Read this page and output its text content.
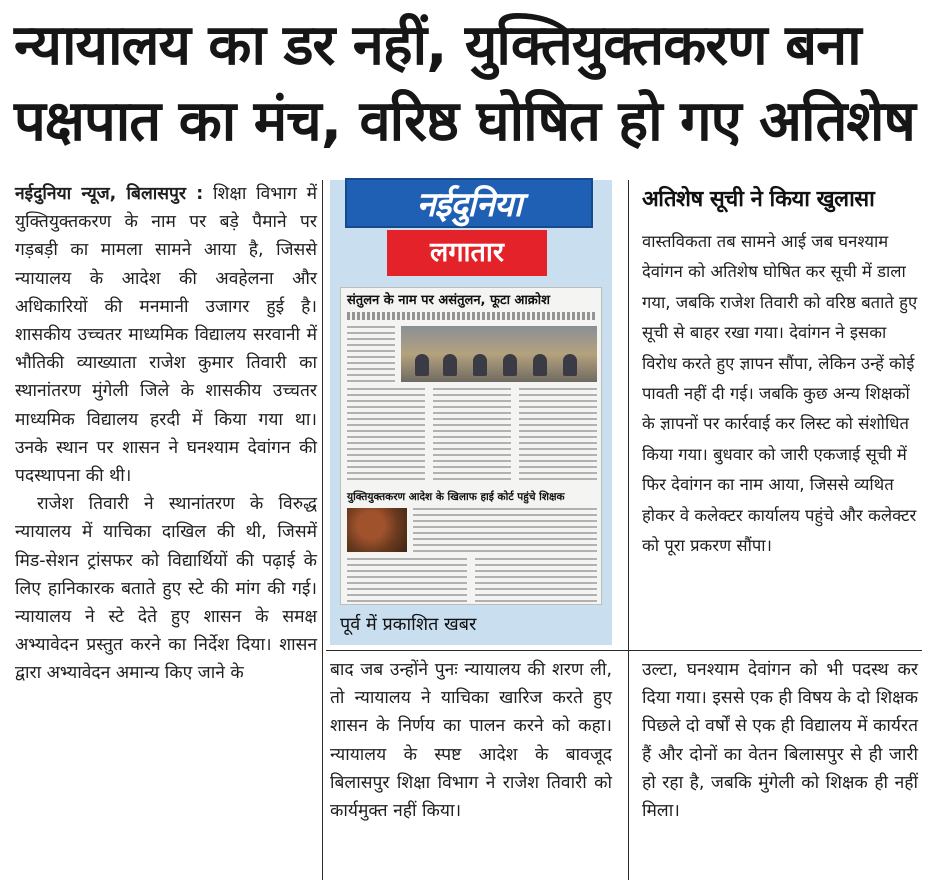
न्यायालय का डर नहीं, युक्तियुक्तकरण बना
पक्षपात का मंच, वरिष्ठ घोषित हो गए अतिशेष

नईदुनिया न्यूज, बिलासपुर : शिक्षा विभाग में युक्तियुक्तकरण के नाम पर बड़े पैमाने पर गड़बड़ी का मामला सामने आया है, जिससे न्यायालय के आदेश की अवहेलना और अधिकारियों की मनमानी उजागर हुई है। शासकीय उच्चतर माध्यमिक विद्यालय सरवानी में भौतिकी व्याख्याता राजेश कुमार तिवारी का स्थानांतरण मुंगेली जिले के शासकीय उच्चतर माध्यमिक विद्यालय हरदी में किया गया था। उनके स्थान पर शासन ने घनश्याम देवांगन की पदस्थापना की थी।

राजेश तिवारी ने स्थानांतरण के विरुद्ध न्यायालय में याचिका दाखिल की थी, जिसमें मिड-सेशन ट्रांसफर को विद्यार्थियों की पढ़ाई के लिए हानिकारक बताते हुए स्टे की मांग की गई। न्यायालय ने स्टे देते हुए शासन के समक्ष अभ्यावेदन प्रस्तुत करने का निर्देश दिया। शासन द्वारा अभ्यावेदन अमान्य किए जाने के

नईदुनिया
लगातार
संतुलन के नाम पर असंतुलन, फूटा आक्रोश
युक्तियुक्तकरण आदेश के खिलाफ हाई कोर्ट पहुंचे शिक्षक
पूर्व में प्रकाशित खबर
अतिशेष सूची ने किया खुलासा

वास्तविकता तब सामने आई जब घनश्याम देवांगन को अतिशेष घोषित कर सूची में डाला गया, जबकि राजेश तिवारी को वरिष्ठ बताते हुए सूची से बाहर रखा गया। देवांगन ने इसका विरोध करते हुए ज्ञापन सौंपा, लेकिन उन्हें कोई पावती नहीं दी गई। जबकि कुछ अन्य शिक्षकों के ज्ञापनों पर कार्रवाई कर लिस्ट को संशोधित किया गया। बुधवार को जारी एकजाई सूची में फिर देवांगन का नाम आया, जिससे व्यथित होकर वे कलेक्टर कार्यालय पहुंचे और कलेक्टर को पूरा प्रकरण सौंपा।

बाद जब उन्होंने पुनः न्यायालय की शरण ली, तो न्यायालय ने याचिका खारिज करते हुए शासन के निर्णय का पालन करने को कहा। न्यायालय के स्पष्ट आदेश के बावजूद बिलासपुर शिक्षा विभाग ने राजेश तिवारी को कार्यमुक्त नहीं किया।

उल्टा, घनश्याम देवांगन को भी पदस्थ कर दिया गया। इससे एक ही विषय के दो शिक्षक पिछले दो वर्षों से एक ही विद्यालय में कार्यरत हैं और दोनों का वेतन बिलासपुर से ही जारी हो रहा है, जबकि मुंगेली को शिक्षक ही नहीं मिला।
